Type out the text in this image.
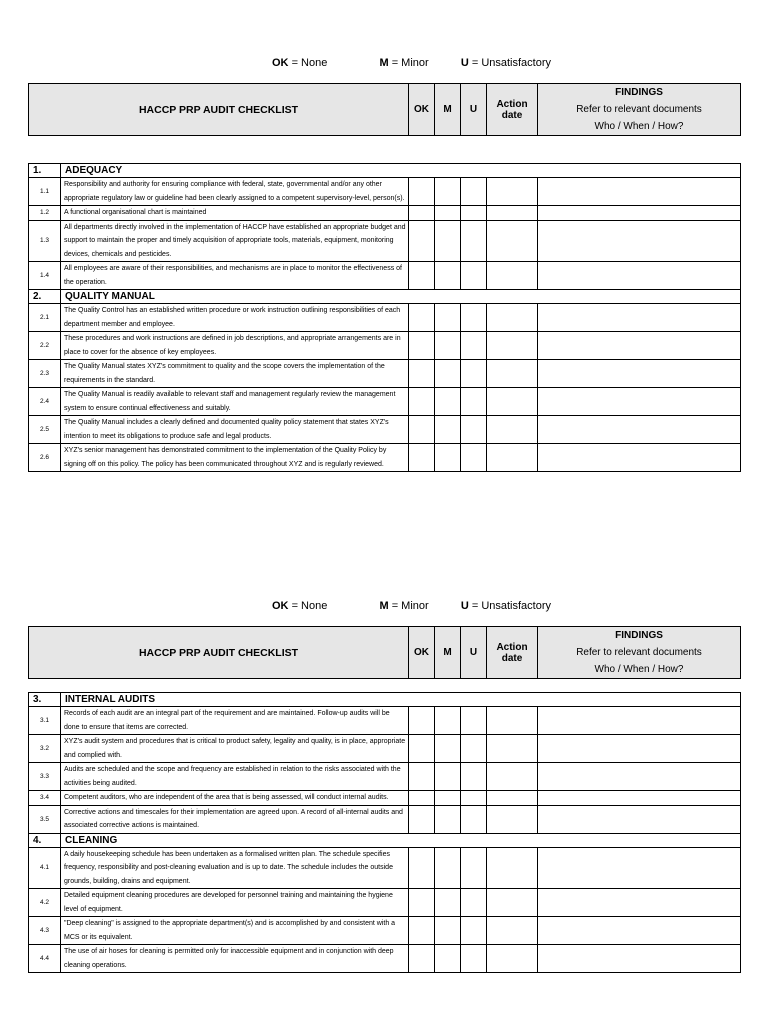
OK = None	M = Minor	U = Unsatisfactory
HACCP PRP AUDIT CHECKLIST	OK	M	U	Action date	
FINDINGS
Refer to relevant documents
Who / When / How?
1.	ADEQUACY					
1.1	Responsibility and authority for ensuring compliance with federal, state, governmental and/or any other appropriate regulatory law or guideline had been clearly assigned to a competent supervisory-level, person(s).					
1.2	A functional organisational chart is maintained					
1.3	All departments directly involved in the implementation of HACCP have established an appropriate budget and support to maintain the proper and timely acquisition of appropriate tools, materials, equipment, monitoring devices, chemicals and pesticides.					
1.4	All employees are aware of their responsibilities, and mechanisms are in place to monitor the effectiveness of the operation.					
2.	QUALITY MANUAL					
2.1	The Quality Control has an established written procedure or work instruction outlining responsibilities of each department member and employee.					
2.2	These procedures and work instructions are defined in job descriptions, and appropriate arrangements are in place to cover for the absence of key employees.					
2.3	The Quality Manual states XYZ's commitment to quality and the scope covers the implementation of the requirements in the standard.					
2.4	The Quality Manual is readily available to relevant staff and management regularly review the management system to ensure continual effectiveness and suitably.					
2.5	The Quality Manual includes a clearly defined and documented quality policy statement that states XYZ's intention to meet its obligations to produce safe and legal products.					
2.6	XYZ's senior management has demonstrated commitment to the implementation of the Quality Policy by signing off on this policy. The policy has been communicated throughout XYZ and is regularly reviewed.					
OK = None	M = Minor	U = Unsatisfactory
HACCP PRP AUDIT CHECKLIST	OK	M	U	Action date	
FINDINGS
Refer to relevant documents
Who / When / How?
3.	INTERNAL AUDITS					
3.1	Records of each audit are an integral part of the requirement and are maintained. Follow-up audits will be done to ensure that items are corrected.					
3.2	XYZ's audit system and procedures that is critical to product safety, legality and quality, is in place, appropriate and complied with.					
3.3	Audits are scheduled and the scope and frequency are established in relation to the risks associated with the activities being audited.					
3.4	Competent auditors, who are independent of the area that is being assessed, will conduct internal audits.					
3.5	Corrective actions and timescales for their implementation are agreed upon. A record of all-internal audits and associated corrective actions is maintained.					
4.	CLEANING					
4.1	A daily housekeeping schedule has been undertaken as a formalised written plan. The schedule specifies frequency, responsibility and post-cleaning evaluation and is up to date. The schedule includes the outside grounds, building, drains and equipment.					
4.2	Detailed equipment cleaning procedures are developed for personnel training and maintaining the hygiene level of equipment.					
4.3	"Deep cleaning" is assigned to the appropriate department(s) and is accomplished by and consistent with a MCS or its equivalent.					
4.4	The use of air hoses for cleaning is permitted only for inaccessible equipment and in conjunction with deep cleaning operations.					
